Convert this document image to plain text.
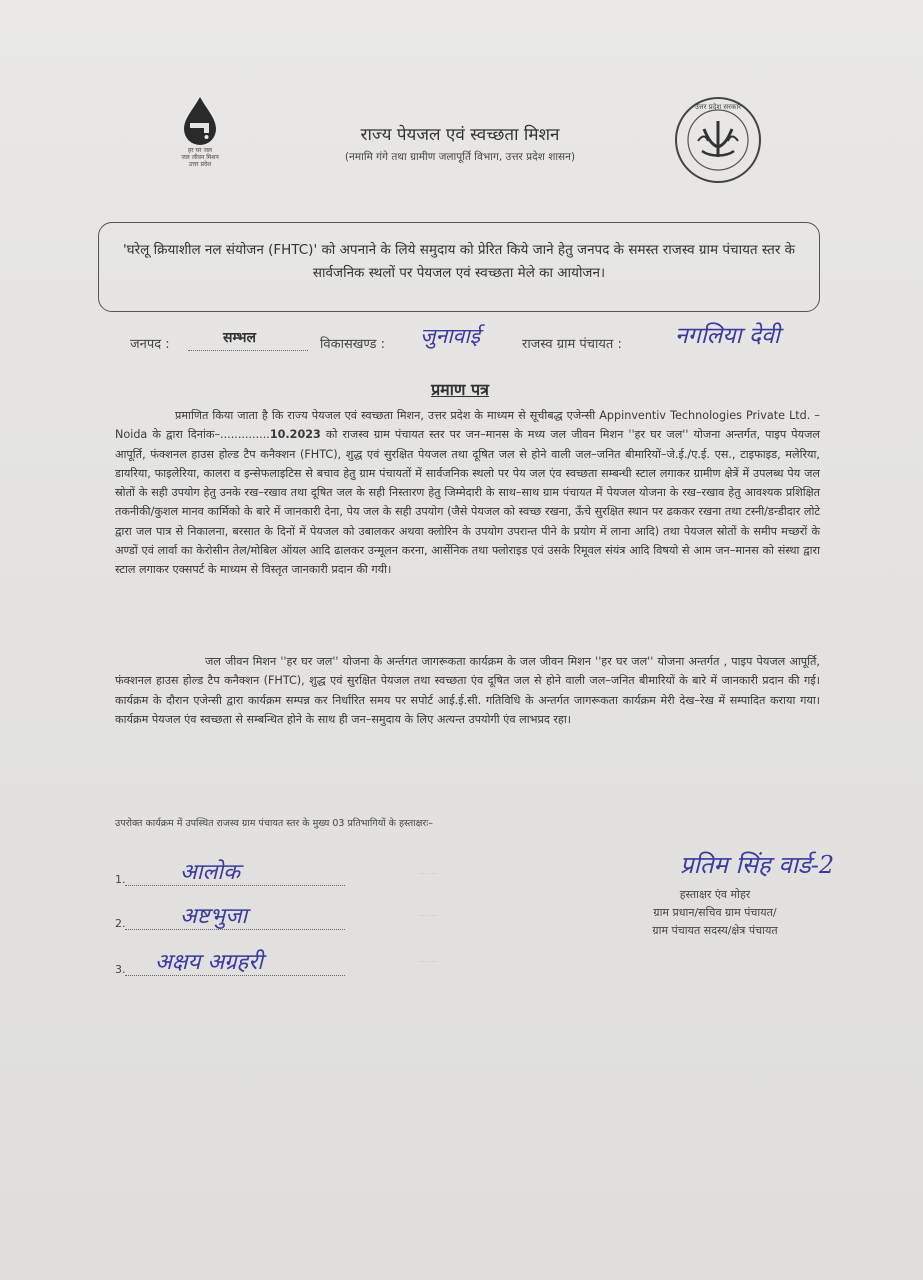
हर घर जल
जल जीवन मिशन
उत्तर प्रदेश
उत्तर प्रदेश सरकार
राज्य पेयजल एवं स्वच्छता मिशन
(नमामि गंगे तथा ग्रामीण जलापूर्ति विभाग, उत्तर प्रदेश शासन)
'घरेलू क्रियाशील नल संयोजन (FHTC)' को अपनाने के लिये समुदाय को प्रेरित किये जाने हेतु जनपद के समस्त राजस्व ग्राम पंचायत स्तर के सार्वजनिक स्थलों पर पेयजल एवं स्वच्छता मेले का आयोजन।
जनपद :	सम्भल	विकासखण्ड : जुनावाई	राजस्व ग्राम पंचायत : नगलिया देवी
प्रमाण पत्र
प्रमाणित किया जाता है कि राज्य पेयजल एवं स्वच्छता मिशन, उत्तर प्रदेश के माध्यम से सूचीबद्ध एजेन्सी Appinventiv Technologies Private Ltd. – Noida के द्वारा दिनांक–..............10.2023 को राजस्व ग्राम पंचायत स्तर पर जन–मानस के मध्य जल जीवन मिशन ''हर घर जल'' योजना अन्तर्गत, पाइप पेयजल आपूर्ति, फंक्शनल हाउस होल्ड टैप कनैक्शन (FHTC), शुद्ध एवं सुरक्षित पेयजल तथा दूषित जल से होने वाली जल–जनित बीमारियों–जे.ई./ए.ई. एस., टाइफाइड, मलेरिया, डायरिया, फाइलेरिया, कालरा व इन्सेफलाइटिस से बचाव हेतु ग्राम पंचायतों में सार्वजनिक स्थलो पर पेय जल एंव स्वच्छता सम्बन्धी स्टाल लगाकर ग्रामीण क्षेत्रें में उपलब्ध पेय जल स्रोतों के सही उपयोग हेतु उनके रख–रखाव तथा दूषित जल के सही निस्तारण हेतु जिम्मेदारी के साथ–साथ ग्राम पंचायत में पेयजल योजना के रख–रखाव हेतु आवश्यक प्रशिक्षित तकनीकी/कुशल मानव कार्मिको के बारे में जानकारी देना, पेय जल के सही उपयोग (जैसे पेयजल को स्वच्छ रखना, ऊँचे सुरक्षित स्थान पर ढककर रखना तथा टस्नी/डन्डीदार लोटे द्वारा जल पात्र से निकालना, बरसात के दिनों में पेयजल को उबालकर अथवा क्लोरिन के उपयोग उपरान्त पीने के प्रयोग में लाना आदि) तथा पेयजल स्रोतों के समीप मच्छरों के अण्डों एवं लार्वा का केरोसीन तेल/मोबिल ऑयल आदि ढालकर उन्मूलन करना, आर्सेनिक तथा फ्लोराइड एवं उसके रिमूवल संयंत्र आदि विषयो से आम जन–मानस को संस्था द्वारा स्टाल लगाकर एक्सपर्ट के माध्यम से विस्तृत जानकारी प्रदान की गयी।
जल जीवन मिशन ''हर घर जल'' योजना के अर्न्तगत जागरूकता कार्यक्रम के जल जीवन मिशन ''हर घर जल'' योजना अन्तर्गत , पाइप पेयजल आपूर्ति, फंक्शनल हाउस होल्ड टैप कनैक्शन (FHTC), शुद्ध एवं सुरक्षित पेयजल तथा स्वच्छता एंव दूषित जल से होने वाली जल–जनित बीमारियों के बारे में जानकारी प्रदान की गई। कार्यक्रम के दौरान एजेन्सी द्वारा कार्यक्रम सम्पन्न कर निर्धारित समय पर सपोर्ट आई.ई.सी. गतिविधि के अन्तर्गत जागरूकता कार्यक्रम मेरी देख–रेख में सम्पादित कराया गया। कार्यक्रम पेयजल एंव स्वच्छता से सम्बन्धित होने के साथ ही जन–समुदाय के लिए अत्यन्त उपयोगी एंव लाभप्रद रहा।
उपरोक्त कार्यक्रम में उपस्थित राजस्व ग्राम पंचायत स्तर के मुख्य 03 प्रतिभागियों के हस्ताक्षरः–
1. आलोक
2. अष्टभुजा
3. अक्षय अग्रहरी
···· ····
···· ····
···· ····
प्रतिम सिंह वार्ड-2
हस्ताक्षर एंव मोहर
ग्राम प्रधान/सचिव ग्राम पंचायत/
ग्राम पंचायत सदस्य/क्षेत्र पंचायत
